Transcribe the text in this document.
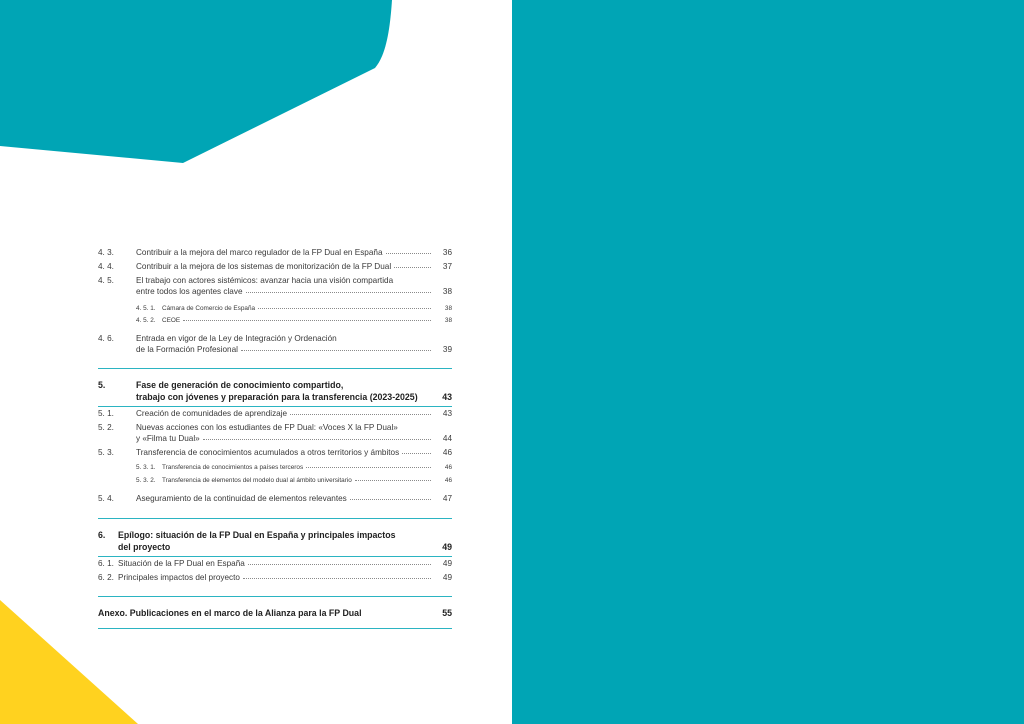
4. 3.	Contribuir a la mejora del marco regulador de la FP Dual en España	36
4. 4.	Contribuir a la mejora de los sistemas de monitorización de la FP Dual	37
4. 5.	El trabajo con actores sistémicos: avanzar hacia una visión compartida
entre todos los agentes clave	38
4. 5. 1.	Cámara de Comercio de España	38
4. 5. 2.	CEOE	38
4. 6.	Entrada en vigor de la Ley de Integración y Ordenación
de la Formación Profesional	39
5.	Fase de generación de conocimiento compartido,
trabajo con jóvenes y preparación para la transferencia (2023-2025)	43
5. 1.	Creación de comunidades de aprendizaje	43
5. 2.	Nuevas acciones con los estudiantes de FP Dual: «Voces X la FP Dual»
y «Filma tu Dual»	44
5. 3.	Transferencia de conocimientos acumulados a otros territorios y ámbitos	46
5. 3. 1.	Transferencia de conocimientos a países terceros	46
5. 3. 2.	Transferencia de elementos del modelo dual al ámbito universitario	46
5. 4.	Aseguramiento de la continuidad de elementos relevantes	47
6.	Epílogo: situación de la FP Dual en España y principales impactos
del proyecto	49
6. 1. Situación de la FP Dual en España	49
6. 2. Principales impactos del proyecto	49
Anexo. Publicaciones en el marco de la Alianza para la FP Dual	55
